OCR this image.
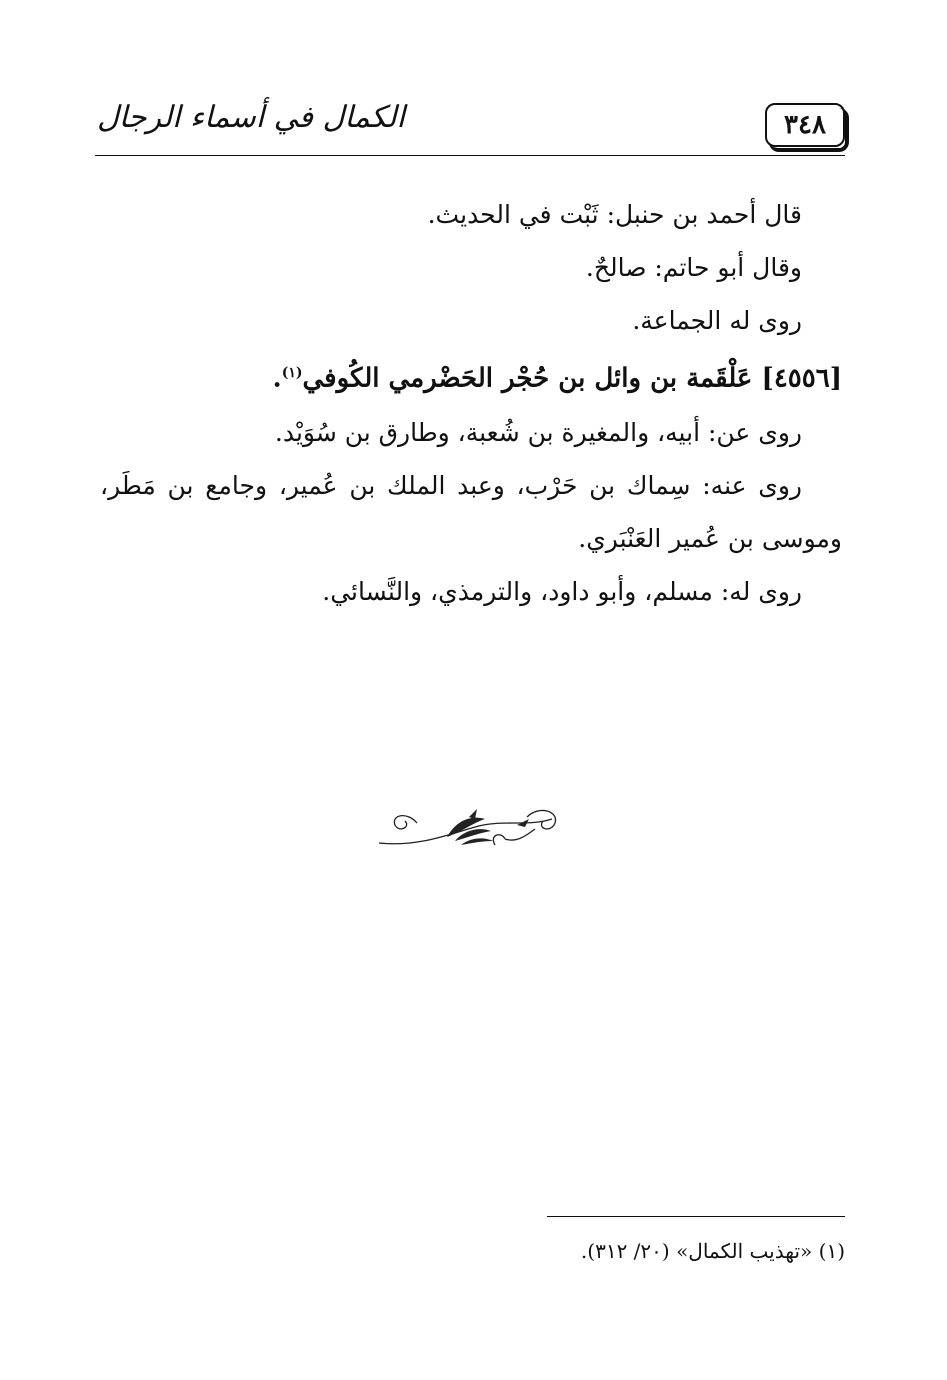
الكمال في أسماء الرجال	٣٤٨
قال أحمد بن حنبل: ثَبْت في الحديث.
وقال أبو حاتم: صالحٌ.
روى له الجماعة.
[٤٥٥٦] عَلْقَمة بن وائل بن حُجْر الحَضْرمي الكُوفي$^{(١)}$.
روى عن: أبيه، والمغيرة بن شُعبة، وطارق بن سُوَيْد.
روى عنه: سِماك بن حَرْب، وعبد الملك بن عُمير، وجامع بن مَطَر،
وموسى بن عُمير العَنْبَري.
روى له: مسلم، وأبو داود، والترمذي، والنَّسائي.
(١) «تهذيب الكمال» (٢٠/ ٣١٢).
